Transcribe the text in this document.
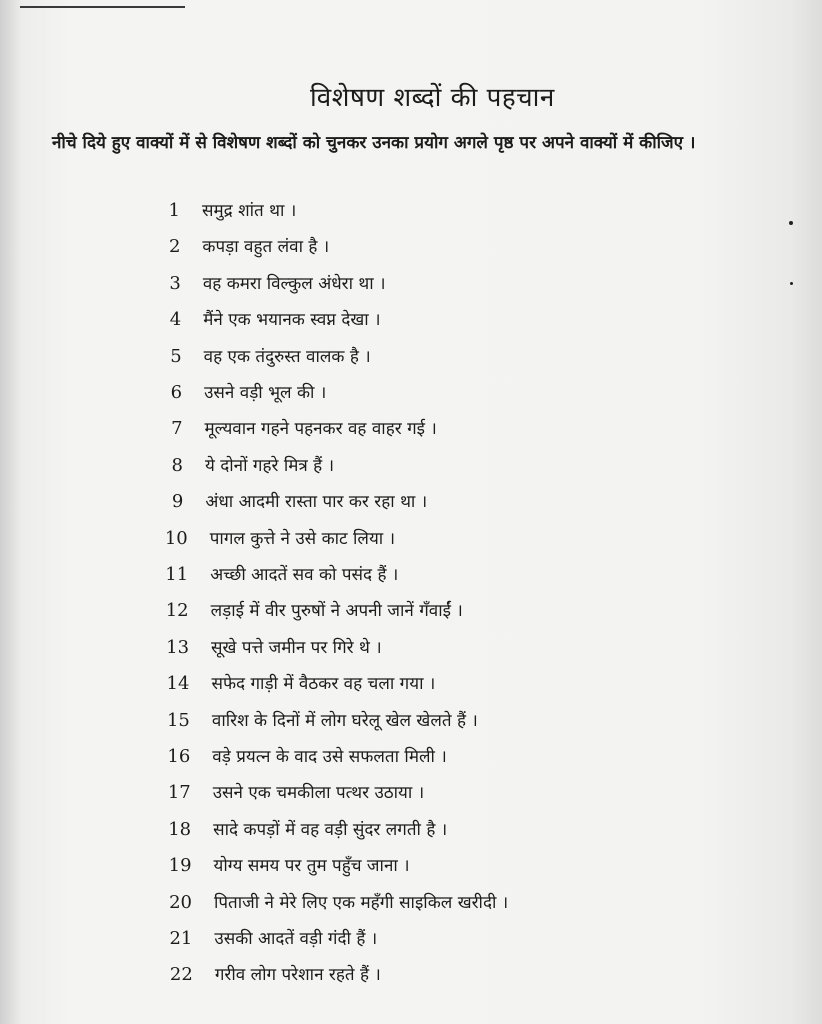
विशेषण शब्दों की पहचान
नीचे दिये हुए वाक्यों में से विशेषण शब्दों को चुनकर उनका प्रयोग अगले पृष्ठ पर अपने वाक्यों में कीजिए ।
1 समुद्र शांत था ।
2 कपड़ा वहुत लंवा है ।
3 वह कमरा विल्कुल अंधेरा था ।
4 मैंने एक भयानक स्वप्न देखा ।
5 वह एक तंदुरुस्त वालक है ।
6 उसने वड़ी भूल की ।
7 मूल्यवान गहने पहनकर वह वाहर गई ।
8 ये दोनों गहरे मित्र हैं ।
9 अंधा आदमी रास्ता पार कर रहा था ।
10 पागल कुत्ते ने उसे काट लिया ।
11 अच्छी आदतें सव को पसंद हैं ।
12 लड़ाई में वीर पुरुषों ने अपनी जानें गँवाईं ।
13 सूखे पत्ते जमीन पर गिरे थे ।
14 सफेद गाड़ी में वैठकर वह चला गया ।
15 वारिश के दिनों में लोग घरेलू खेल खेलते हैं ।
16 वड़े प्रयत्न के वाद उसे सफलता मिली ।
17 उसने एक चमकीला पत्थर उठाया ।
18 सादे कपड़ों में वह वड़ी सुंदर लगती है ।
19 योग्य समय पर तुम पहुँच जाना ।
20 पिताजी ने मेरे लिए एक महँगी साइकिल खरीदी ।
21 उसकी आदतें वड़ी गंदी हैं ।
22 गरीव लोग परेशान रहते हैं ।
